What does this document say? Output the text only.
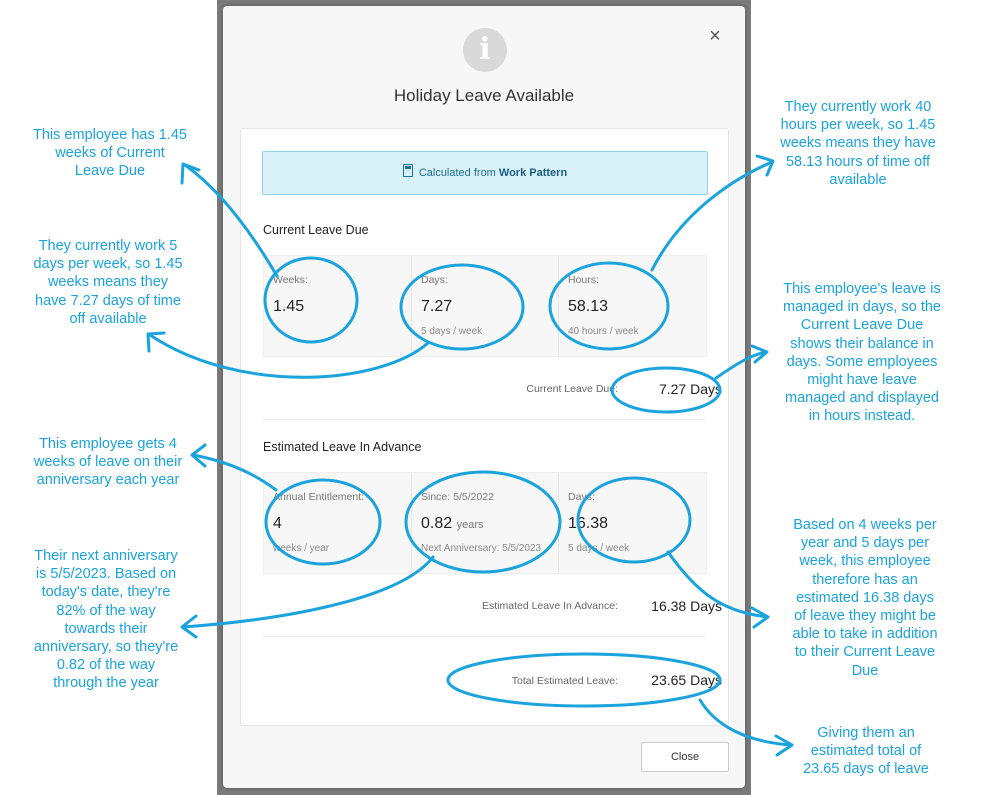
i	×
Holiday Leave Available
Calculated from Work Pattern
Current Leave Due
Weeks:
1.45
Days:
7.27
5 days / week
Hours:
58.13
40 hours / week
Current Leave Due:	7.27 Days
Estimated Leave In Advance
Annual Entitlement:
4
weeks / year
Since: 5/5/2022
0.82 years
Next Anniversary: 5/5/2023
Days:
16.38
5 days / week
Estimated Leave In Advance:	16.38 Days
Total Estimated Leave:	23.65 Days
Close
This employee has 1.45
weeks of Current
Leave Due
They currently work 5
days per week, so 1.45
weeks means they
have 7.27 days of time
off available
This employee gets 4
weeks of leave on their
anniversary each year
Their next anniversary
is 5/5/2023. Based on
today's date, they're
82% of the way
towards their
anniversary, so they're
0.82 of the way
through the year
They currently work 40
hours per week, so 1.45
weeks means they have
58.13 hours of time off
available
This employee's leave is
managed in days, so the
Current Leave Due
shows their balance in
days. Some employees
might have leave
managed and displayed
in hours instead.
Based on 4 weeks per
year and 5 days per
week, this employee
therefore has an
estimated 16.38 days
of leave they might be
able to take in addition
to their Current Leave
Due
Giving them an
estimated total of
23.65 days of leave
